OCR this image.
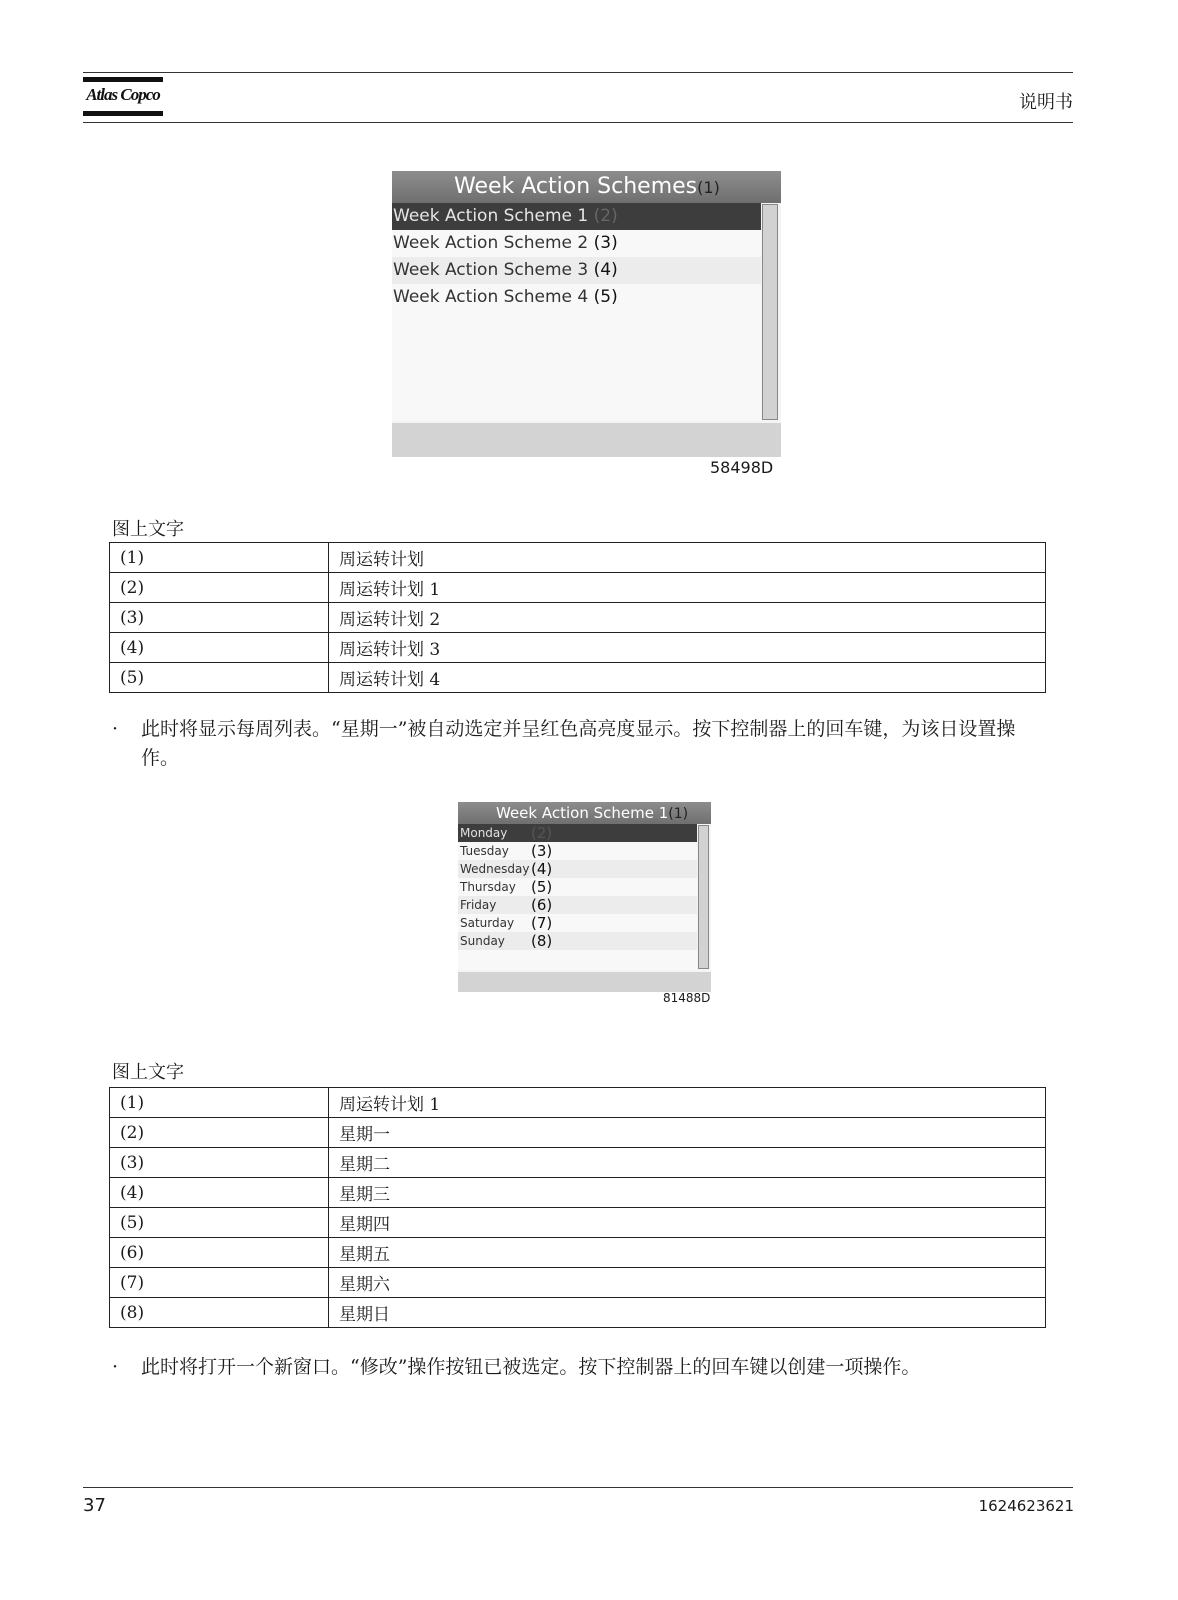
Atlas Copco	说明书
Week Action Schemes(1)
Week Action Scheme 1 (2)
Week Action Scheme 2 (3)
Week Action Scheme 3 (4)
Week Action Scheme 4 (5)
58498D
图上文字
(1)	周运转计划
(2)	周运转计划 1
(3)	周运转计划 2
(4)	周运转计划 3
(5)	周运转计划 4
· 此时将显示每周列表。“星期一”被自动选定并呈红色高亮度显示。按下控制器上的回车键，为该日设置操作。
Week Action Scheme 1(1)
Monday (2)
Tuesday (3)
Wednesday (4)
Thursday (5)
Friday (6)
Saturday (7)
Sunday (8)
81488D
图上文字
(1)	周运转计划 1
(2)	星期一
(3)	星期二
(4)	星期三
(5)	星期四
(6)	星期五
(7)	星期六
(8)	星期日
· 此时将打开一个新窗口。“修改”操作按钮已被选定。按下控制器上的回车键以创建一项操作。
37	1624623621
